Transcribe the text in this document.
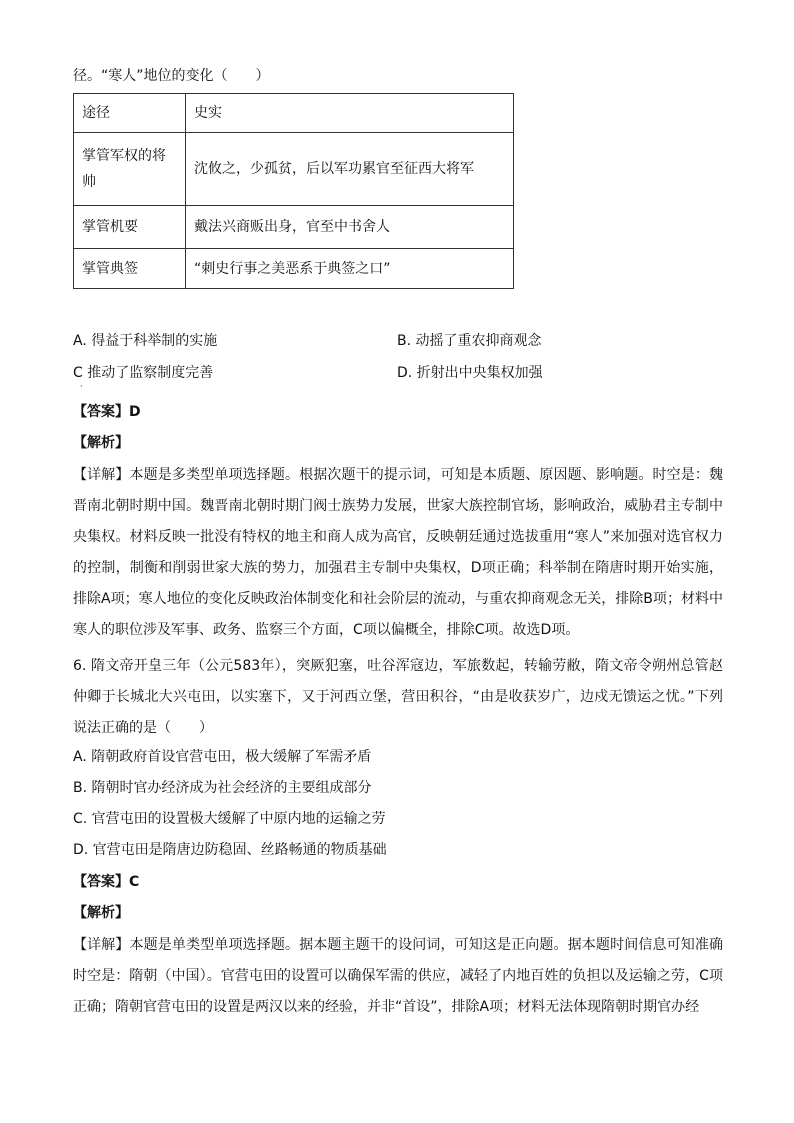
径。“寒人”地位的变化（　　）
途径	史实
掌管军权的将帅	沈攸之，少孤贫，后以军功累官至征西大将军
掌管机要	戴法兴商贩出身，官至中书舍人
掌管典签	“刺史行事之美恶系于典签之口”
A. 得益于科举制的实施	B. 动摇了重农抑商观念
C 推动了监察制度完善	D. 折射出中央集权加强
·
【答案】D
【解析】
【详解】本题是多类型单项选择题。根据次题干的提示词，可知是本质题、原因题、影响题。时空是：魏晋南北朝时期中国。魏晋南北朝时期门阀士族势力发展，世家大族控制官场，影响政治，威胁君主专制中央集权。材料反映一批没有特权的地主和商人成为高官，反映朝廷通过选拔重用“寒人”来加强对选官权力的控制，制衡和削弱世家大族的势力，加强君主专制中央集权，D项正确；科举制在隋唐时期开始实施，排除A项；寒人地位的变化反映政治体制变化和社会阶层的流动，与重农抑商观念无关，排除B项；材料中寒人的职位涉及军事、政务、监察三个方面，C项以偏概全，排除C项。故选D项。
6. 隋文帝开皇三年（公元583年），突厥犯塞，吐谷浑寇边，军旅数起，转输劳敝，隋文帝令朔州总管赵仲卿于长城北大兴屯田，以实塞下，又于河西立堡，营田积谷，“由是收获岁广，边戍无馈运之忧。”下列说法正确的是（　　）
A. 隋朝政府首设官营屯田，极大缓解了军需矛盾
B. 隋朝时官办经济成为社会经济的主要组成部分
C. 官营屯田的设置极大缓解了中原内地的运输之劳
D. 官营屯田是隋唐边防稳固、丝路畅通的物质基础
【答案】C
【解析】
【详解】本题是单类型单项选择题。据本题主题干的设问词，可知这是正向题。据本题时间信息可知准确时空是：隋朝（中国）。官营屯田的设置可以确保军需的供应，减轻了内地百姓的负担以及运输之劳，C项正确；隋朝官营屯田的设置是两汉以来的经验，并非“首设”，排除A项；材料无法体现隋朝时期官办经
